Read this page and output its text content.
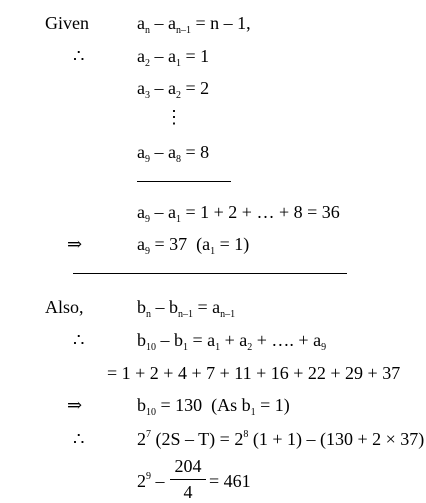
Given	$a_n - a_{n-1} = n - 1$,
∴	$a_2 - a_1 = 1$
$a_3 - a_2 = 2$
⋮
$a_9 - a_8 = 8$
$a_9 - a_1 = 1 + 2$ + … + 8 = 36
⇒	$a_9 = 37$  $(a_1 = 1)$
Also,	$b_n - b_{n-1} = a_{n-1}$
∴	$b_{10} - b_1 = a_1 + a_2$ + …. + $a_9$
= 1 + 2 + 4 + 7 + 11 + 16 + 22 + 29 + 37
⇒	$b_{10} = 130$  (As $b_1 = 1$)
∴	$2^7$ $(2S - T) = 2^8$ (1 + 1) – (130 + 2 × 37)
$2^9$ –
204
4
= 461
